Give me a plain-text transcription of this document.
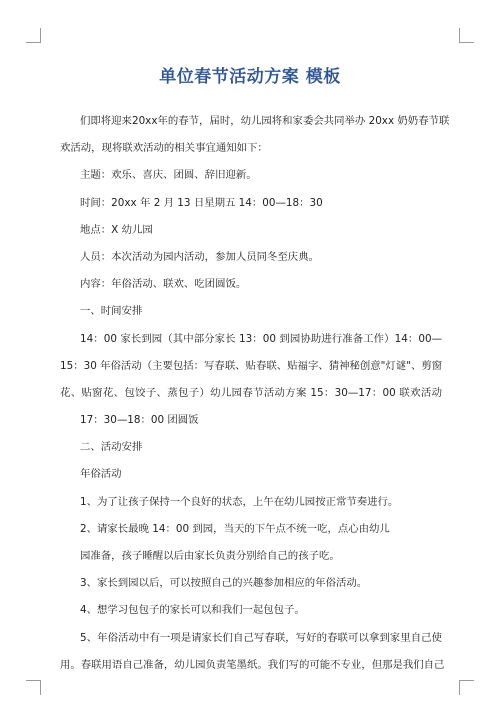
单位春节活动方案 模板
们即将迎来20xx年的春节，届时，幼儿园将和家委会共同举办 20xx 奶奶春节联
欢活动，现将联欢活动的相关事宜通知如下：
主题：欢乐、喜庆、团圆、辞旧迎新。
时间：20xx 年 2 月 13 日星期五 14：00—18：30
地点：X 幼儿园
人员：本次活动为园内活动，参加人员同冬至庆典。
内容：年俗活动、联欢、吃团圆饭。
一、时间安排
14：00 家长到园（其中部分家长 13：00 到园协助进行准备工作）14：00—
15：30 年俗活动（主要包括：写春联、贴春联、贴福字、猜神秘创意"灯谜"、剪窗
花、贴窗花、包饺子、蒸包子）幼儿园春节活动方案 15：30—17：00 联欢活动
17：30—18：00 团圆饭
二、活动安排
年俗活动
1、为了让孩子保持一个良好的状态，上午在幼儿园按正常节奏进行。
2、请家长最晚 14：00 到园，当天的下午点不统一吃，点心由幼儿
园准备，孩子睡醒以后由家长负责分别给自己的孩子吃。
3、家长到园以后，可以按照自己的兴趣参加相应的年俗活动。
4、想学习包包子的家长可以和我们一起包包子。
5、年俗活动中有一项是请家长们自己写春联，写好的春联可以拿到家里自己使
用。春联用语自己准备，幼儿园负责笔墨纸。我们写的可能不专业，但那是我们自己
